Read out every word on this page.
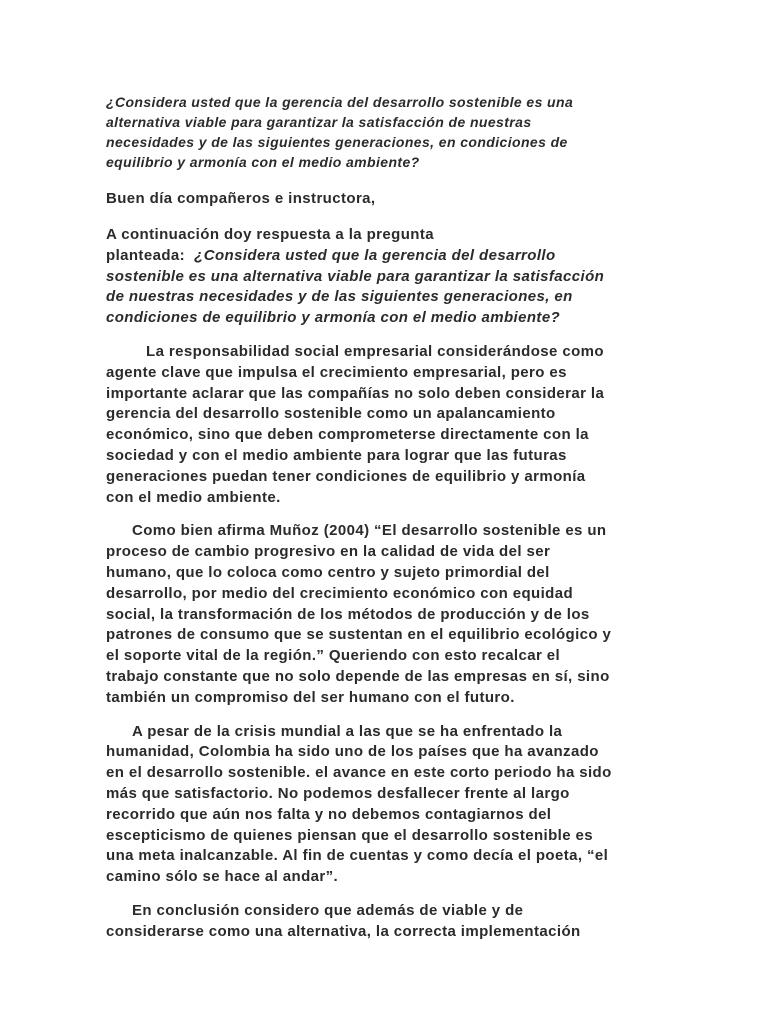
¿Considera usted que la gerencia del desarrollo sostenible es una
alternativa viable para garantizar la satisfacción de nuestras
necesidades y de las siguientes generaciones, en condiciones de
equilibrio y armonía con el medio ambiente?
Buen día compañeros e instructora,
A continuación doy respuesta a la pregunta
planteada:  ¿Considera usted que la gerencia del desarrollo
sostenible es una alternativa viable para garantizar la satisfacción
de nuestras necesidades y de las siguientes generaciones, en
condiciones de equilibrio y armonía con el medio ambiente?
La responsabilidad social empresarial considerándose como
agente clave que impulsa el crecimiento empresarial, pero es
importante aclarar que las compañías no solo deben considerar la
gerencia del desarrollo sostenible como un apalancamiento
económico, sino que deben comprometerse directamente con la
sociedad y con el medio ambiente para lograr que las futuras
generaciones puedan tener condiciones de equilibrio y armonía
con el medio ambiente.
Como bien afirma Muñoz (2004) “El desarrollo sostenible es un
proceso de cambio progresivo en la calidad de vida del ser
humano, que lo coloca como centro y sujeto primordial del
desarrollo, por medio del crecimiento económico con equidad
social, la transformación de los métodos de producción y de los
patrones de consumo que se sustentan en el equilibrio ecológico y
el soporte vital de la región.” Queriendo con esto recalcar el
trabajo constante que no solo depende de las empresas en sí, sino
también un compromiso del ser humano con el futuro.
A pesar de la crisis mundial a las que se ha enfrentado la
humanidad, Colombia ha sido uno de los países que ha avanzado
en el desarrollo sostenible. el avance en este corto periodo ha sido
más que satisfactorio. No podemos desfallecer frente al largo
recorrido que aún nos falta y no debemos contagiarnos del
escepticismo de quienes piensan que el desarrollo sostenible es
una meta inalcanzable. Al fin de cuentas y como decía el poeta, “el
camino sólo se hace al andar”.
En conclusión considero que además de viable y de
considerarse como una alternativa, la correcta implementación
